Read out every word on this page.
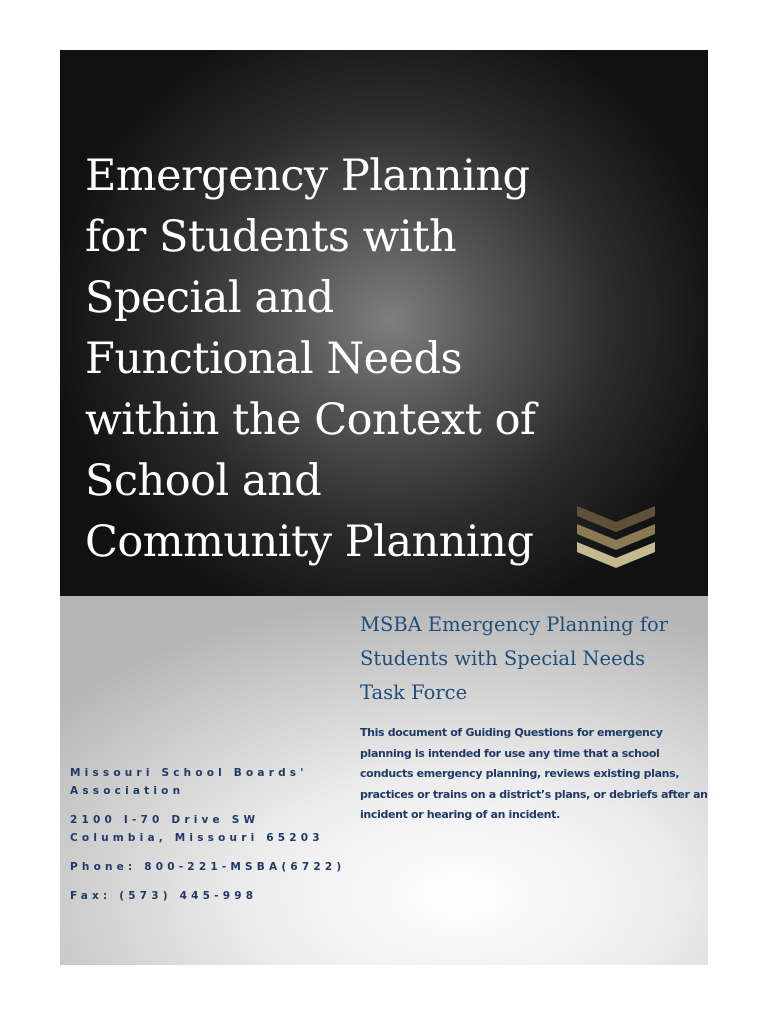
Emergency Planning
for Students with
Special and
Functional Needs
within the Context of
School and
Community Planning
MSBA Emergency Planning for
Students with Special Needs
Task Force

This document of Guiding Questions for emergency
planning is intended for use any time that a school
conducts emergency planning, reviews existing plans,
practices or trains on a district’s plans, or debriefs after an
incident or hearing of an incident.

Missouri School Boards'
Association

2100 I-70 Drive SW
Columbia, Missouri 65203

Phone: 800-221-MSBA(6722)

Fax: (573) 445-998
